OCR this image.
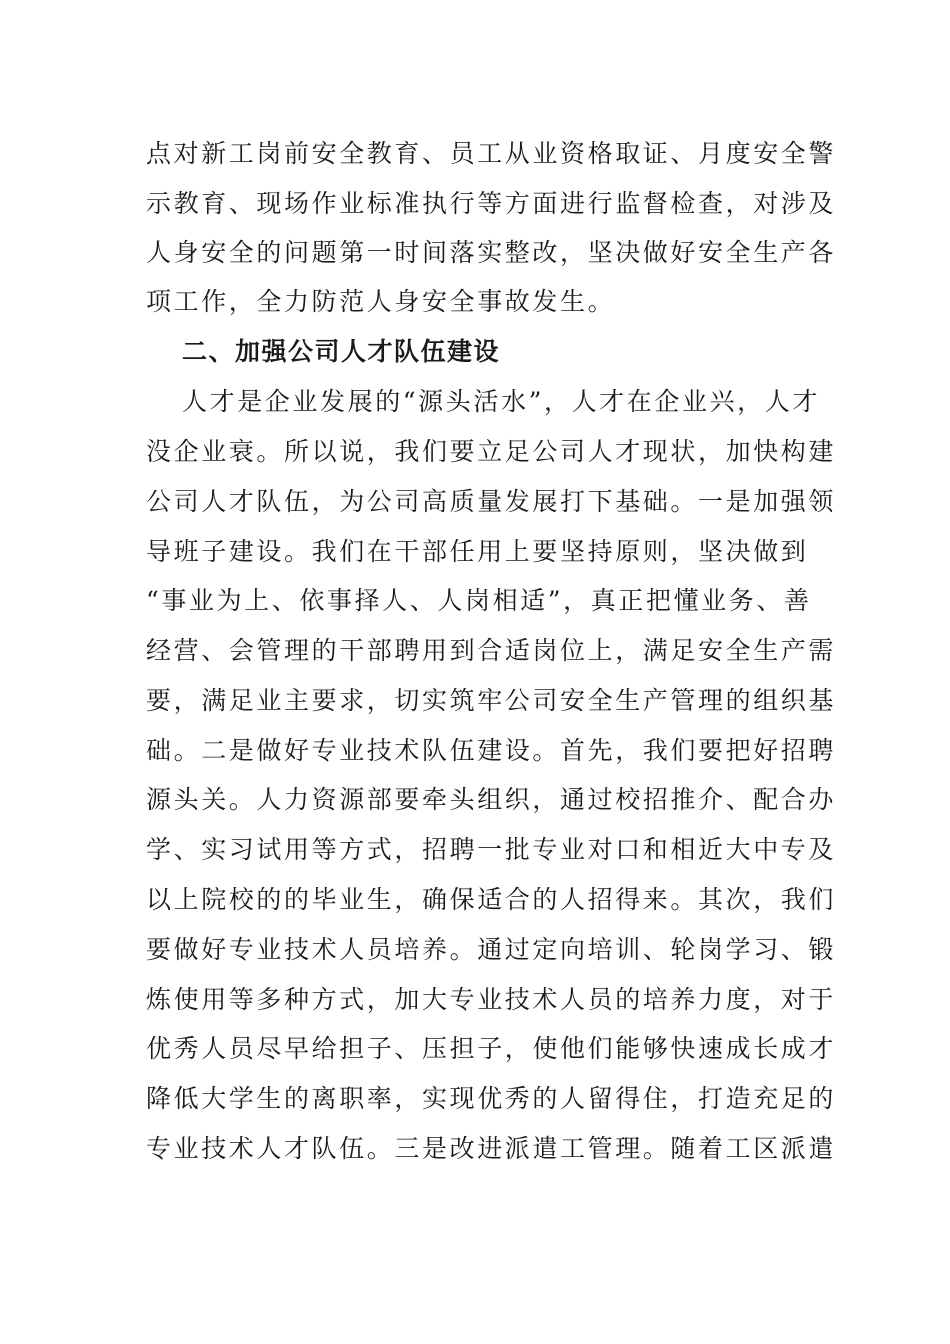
点对新工岗前安全教育、员工从业资格取证、月度安全警
示教育、现场作业标准执行等方面进行监督检查，对涉及
人身安全的问题第一时间落实整改，坚决做好安全生产各
项工作，全力防范人身安全事故发生。
二、加强公司人才队伍建设
人才是企业发展的“源头活水”，人才在企业兴，人才
没企业衰。所以说，我们要立足公司人才现状，加快构建
公司人才队伍，为公司高质量发展打下基础。一是加强领
导班子建设。我们在干部任用上要坚持原则，坚决做到
“事业为上、依事择人、人岗相适”，真正把懂业务、善
经营、会管理的干部聘用到合适岗位上，满足安全生产需
要，满足业主要求，切实筑牢公司安全生产管理的组织基
础。二是做好专业技术队伍建设。首先，我们要把好招聘
源头关。人力资源部要牵头组织，通过校招推介、配合办
学、实习试用等方式，招聘一批专业对口和相近大中专及
以上院校的的毕业生，确保适合的人招得来。其次，我们
要做好专业技术人员培养。通过定向培训、轮岗学习、锻
炼使用等多种方式，加大专业技术人员的培养力度，对于
优秀人员尽早给担子、压担子，使他们能够快速成长成才
降低大学生的离职率，实现优秀的人留得住，打造充足的
专业技术人才队伍。三是改进派遣工管理。随着工区派遣
